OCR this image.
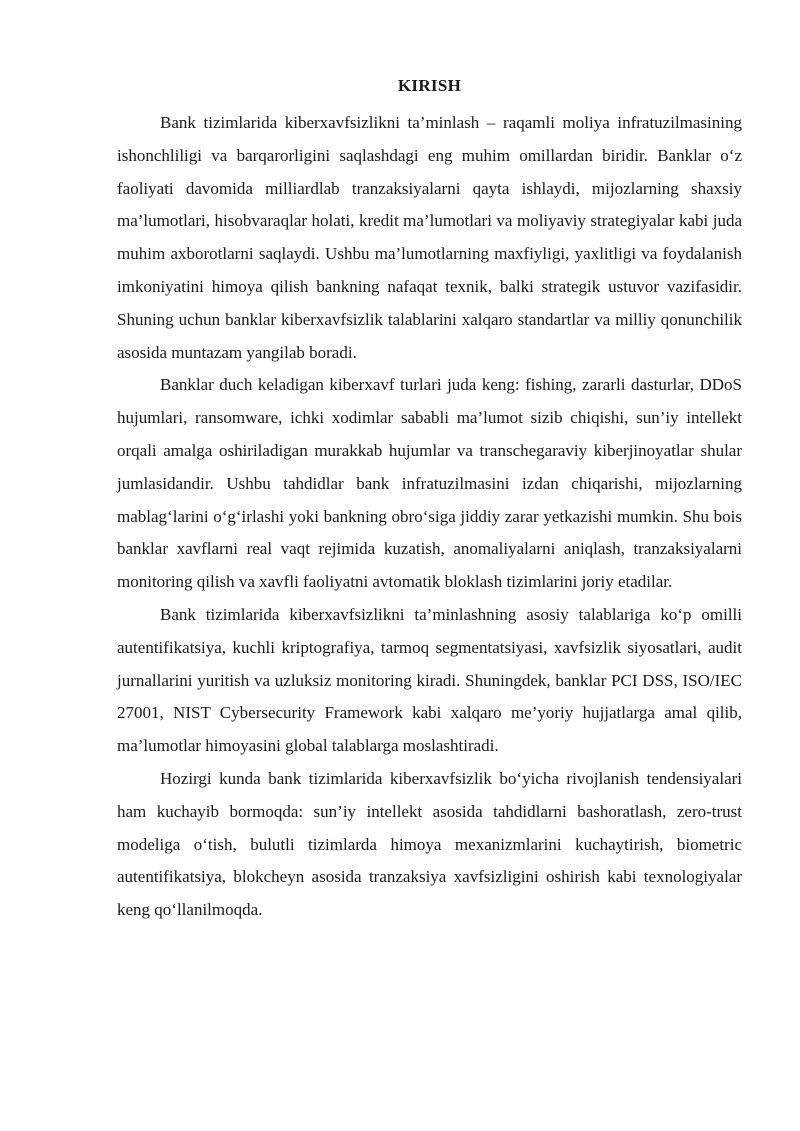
KIRISH

Bank tizimlarida kiberxavfsizlikni ta’minlash – raqamli moliya infratuzilmasining ishonchliligi va barqarorligini saqlashdagi eng muhim omillardan biridir. Banklar o‘z faoliyati davomida milliardlab tranzaksiyalarni qayta ishlaydi, mijozlarning shaxsiy ma’lumotlari, hisobvaraqlar holati, kredit ma’lumotlari va moliyaviy strategiyalar kabi juda muhim axborotlarni saqlaydi. Ushbu ma’lumotlarning maxfiyligi, yaxlitligi va foydalanish imkoniyatini himoya qilish bankning nafaqat texnik, balki strategik ustuvor vazifasidir. Shuning uchun banklar kiberxavfsizlik talablarini xalqaro standartlar va milliy qonunchilik asosida muntazam yangilab boradi.

Banklar duch keladigan kiberxavf turlari juda keng: fishing, zararli dasturlar, DDoS hujumlari, ransomware, ichki xodimlar sababli ma’lumot sizib chiqishi, sun’iy intellekt orqali amalga oshiriladigan murakkab hujumlar va transchegaraviy kiberjinoyatlar shular jumlasidandir. Ushbu tahdidlar bank infratuzilmasini izdan chiqarishi, mijozlarning mablag‘larini o‘g‘irlashi yoki bankning obro‘siga jiddiy zarar yetkazishi mumkin. Shu bois banklar xavflarni real vaqt rejimida kuzatish, anomaliyalarni aniqlash, tranzaksiyalarni monitoring qilish va xavfli faoliyatni avtomatik bloklash tizimlarini joriy etadilar.

Bank tizimlarida kiberxavfsizlikni ta’minlashning asosiy talablariga ko‘p omilli autentifikatsiya, kuchli kriptografiya, tarmoq segmentatsiyasi, xavfsizlik siyosatlari, audit jurnallarini yuritish va uzluksiz monitoring kiradi. Shuningdek, banklar PCI DSS, ISO/IEC 27001, NIST Cybersecurity Framework kabi xalqaro me’yoriy hujjatlarga amal qilib, ma’lumotlar himoyasini global talablarga moslashtiradi.

Hozirgi kunda bank tizimlarida kiberxavfsizlik bo‘yicha rivojlanish tendensiyalari ham kuchayib bormoqda: sun’iy intellekt asosida tahdidlarni bashoratlash, zero-trust modeliga o‘tish, bulutli tizimlarda himoya mexanizmlarini kuchaytirish, biometric autentifikatsiya, blokcheyn asosida tranzaksiya xavfsizligini oshirish kabi texnologiyalar keng qo‘llanilmoqda.
